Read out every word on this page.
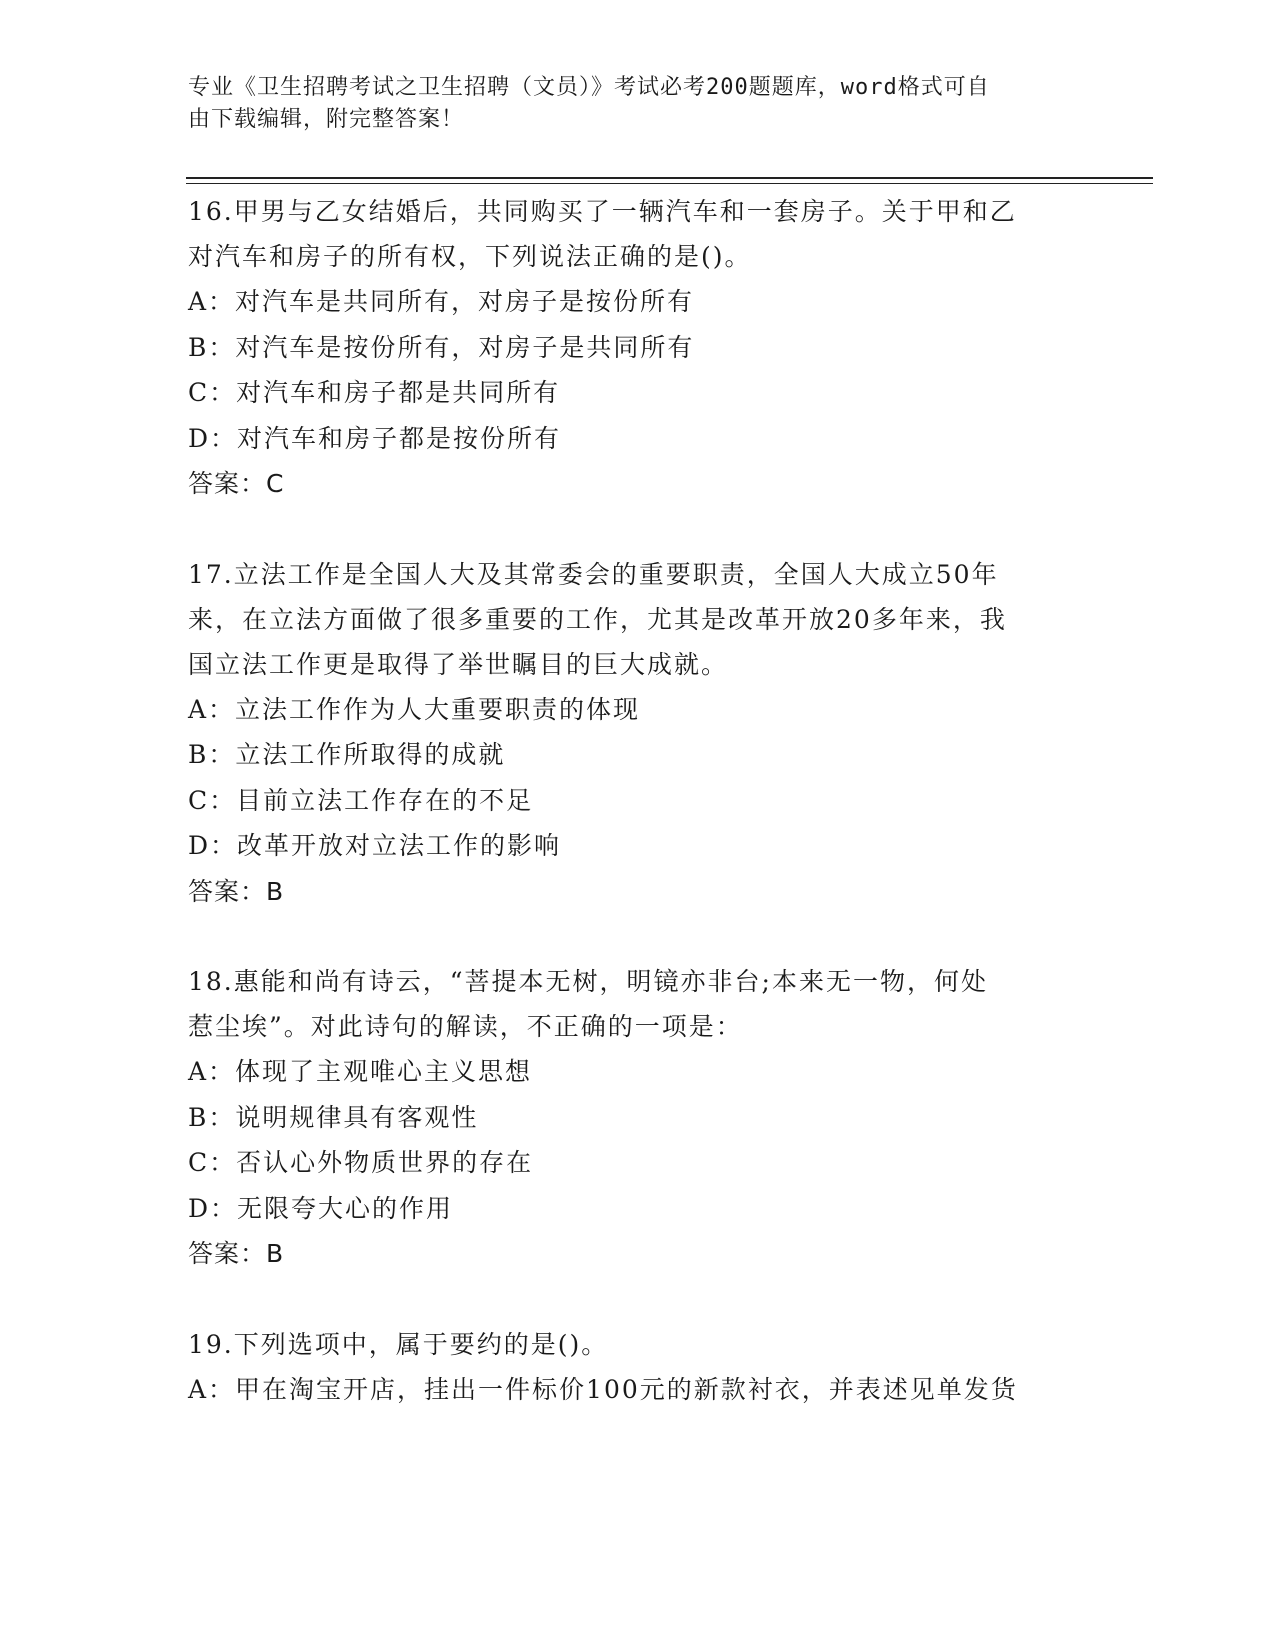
专业《卫生招聘考试之卫生招聘（文员）》考试必考200题题库，word格式可自
由下载编辑，附完整答案！
16.甲男与乙女结婚后，共同购买了一辆汽车和一套房子。关于甲和乙
对汽车和房子的所有权，下列说法正确的是()。
A：对汽车是共同所有，对房子是按份所有
B：对汽车是按份所有，对房子是共同所有
C：对汽车和房子都是共同所有
D：对汽车和房子都是按份所有
答案：C
17.立法工作是全国人大及其常委会的重要职责，全国人大成立50年
来，在立法方面做了很多重要的工作，尤其是改革开放20多年来，我
国立法工作更是取得了举世瞩目的巨大成就。
A：立法工作作为人大重要职责的体现
B：立法工作所取得的成就
C：目前立法工作存在的不足
D：改革开放对立法工作的影响
答案：B
18.惠能和尚有诗云，“菩提本无树，明镜亦非台;本来无一物，何处
惹尘埃”。对此诗句的解读，不正确的一项是：
A：体现了主观唯心主义思想
B：说明规律具有客观性
C：否认心外物质世界的存在
D：无限夸大心的作用
答案：B
19.下列选项中，属于要约的是()。
A：甲在淘宝开店，挂出一件标价100元的新款衬衣，并表述见单发货
